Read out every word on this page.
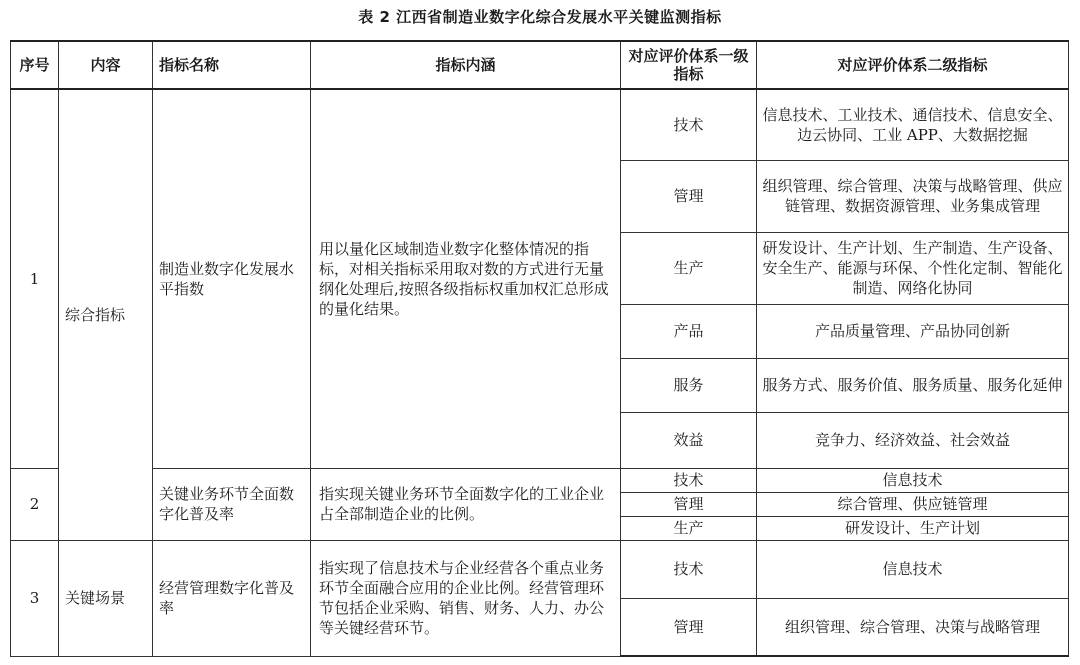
表 2 江西省制造业数字化综合发展水平关键监测指标
序号	内容	指标名称	指标内涵	对应评价体系一级指标	对应评价体系二级指标
1	综合指标	制造业数字化发展水平指数	用以量化区域制造业数字化整体情况的指标，对相关指标采用取对数的方式进行无量纲化处理后,按照各级指标权重加权汇总形成的量化结果。	技术	信息技术、工业技术、通信技术、信息安全、边云协同、工业 APP、大数据挖掘
				管理	组织管理、综合管理、决策与战略管理、供应链管理、数据资源管理、业务集成管理
				生产	研发设计、生产计划、生产制造、生产设备、安全生产、能源与环保、个性化定制、智能化制造、网络化协同
				产品	产品质量管理、产品协同创新
				服务	服务方式、服务价值、服务质量、服务化延伸
				效益	竞争力、经济效益、社会效益
2		关键业务环节全面数字化普及率	指实现关键业务环节全面数字化的工业企业占全部制造企业的比例。	技术	信息技术
				管理	综合管理、供应链管理
				生产	研发设计、生产计划
3	关键场景	经营管理数字化普及率	指实现了信息技术与企业经营各个重点业务环节全面融合应用的企业比例。经营管理环节包括企业采购、销售、财务、人力、办公等关键经营环节。	技术	信息技术
				管理	组织管理、综合管理、决策与战略管理
